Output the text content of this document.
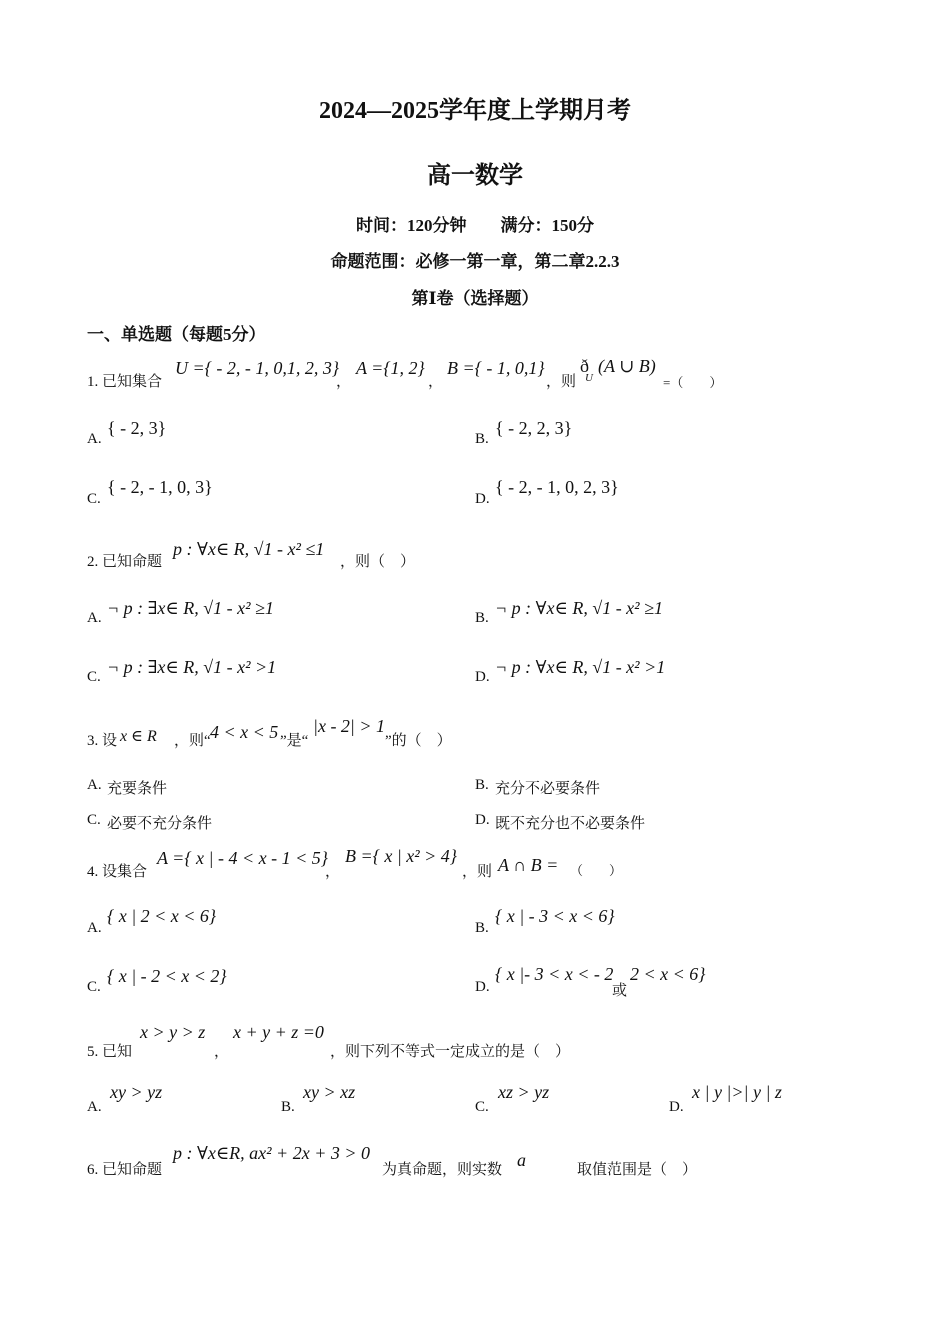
2024—2025学年度上学期月考
高一数学
时间：120分钟　　满分：150分
命题范围：必修一第一章，第二章2.2.3
第Ⅰ卷（选择题）
一、单选题（每题5分）
1. 已知集合
U ={ - 2, - 1, 0,1, 2, 3}
，
A ={1, 2}
，
B ={ - 1, 0,1}
，则
ð
U
(A ∪ B)
=（　　）
A.
{ - 2, 3}
B.
{ - 2, 2, 3}
C.
{ - 2, - 1, 0, 3}
D.
{ - 2, - 1, 0, 2, 3}
2. 已知命题
p : ∀x∈ R, √1 - x² ≤1
，则（　）
A. ¬ p : ∃x∈ R, √1 - x² ≥1	B. ¬ p : ∀x∈ R, √1 - x² ≥1
C. ¬ p : ∃x∈ R, √1 - x² >1	D. ¬ p : ∀x∈ R, √1 - x² >1
3. 设 x ∈ R ，则“ 4 < x < 5 ”是“
|x - 2| > 1
”的（　）
A. 充要条件	B. 充分不必要条件
C. 必要不充分条件	D. 既不充分也不必要条件
4. 设集合
A ={ x | - 4 < x - 1 < 5}
，
B ={ x | x² > 4}
，则 A ∩ B = （　　）
A.
{ x | 2 < x < 6}
B.
{ x | - 3 < x < 6}
C.
{ x | - 2 < x < 2}
D.
{ x |- 3 < x < - 2
或
2 < x < 6}
5. 已知
x > y > z
，
x + y + z =0
，则下列不等式一定成立的是（　）
A.
xy > yz
B.
xy > xz
C.
xz > yz
D.
x | y |>| y | z
6. 已知命题
p : ∀x∈R, ax² + 2x + 3 > 0
为真命题，则实数 a	取值范围是（　）
